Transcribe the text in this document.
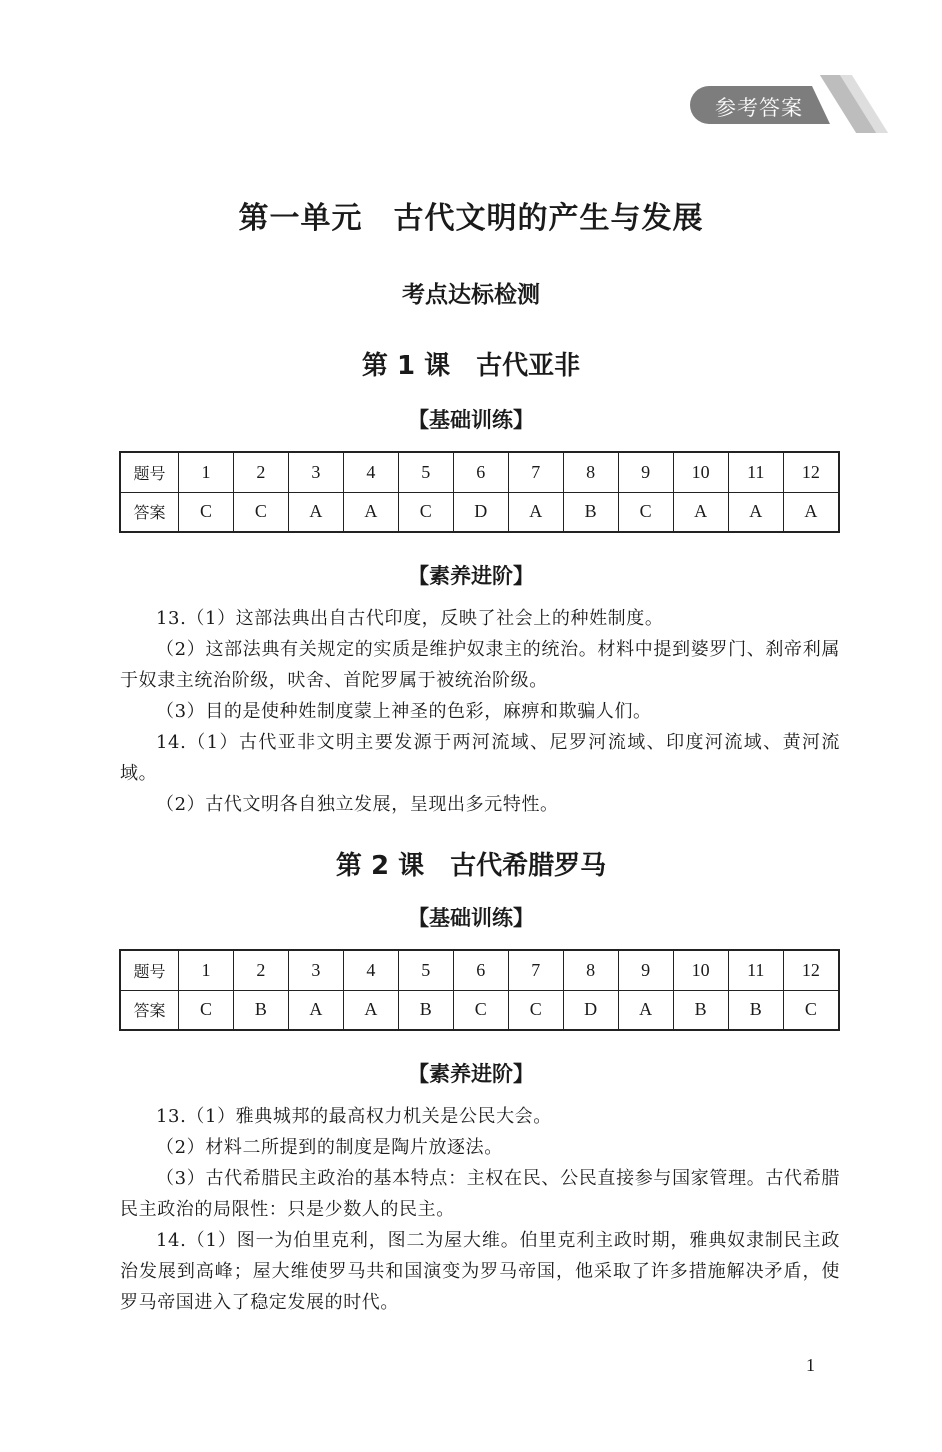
参考答案
第一单元　古代文明的产生与发展
考点达标检测
第 1 课　古代亚非
【基础训练】
题号	1	2	3	4	5	6	7	8	9	10	11	12
答案	C	C	A	A	C	D	A	B	C	A	A	A
【素养进阶】

13.（1）这部法典出自古代印度，反映了社会上的种姓制度。

（2）这部法典有关规定的实质是维护奴隶主的统治。材料中提到婆罗门、刹帝利属于奴隶主统治阶级，吠舍、首陀罗属于被统治阶级。

（3）目的是使种姓制度蒙上神圣的色彩，麻痹和欺骗人们。

14.（1）古代亚非文明主要发源于两河流域、尼罗河流域、印度河流域、黄河流域。

（2）古代文明各自独立发展，呈现出多元特性。

第 2 课　古代希腊罗马
【基础训练】
题号	1	2	3	4	5	6	7	8	9	10	11	12
答案	C	B	A	A	B	C	C	D	A	B	B	C
【素养进阶】

13.（1）雅典城邦的最高权力机关是公民大会。

（2）材料二所提到的制度是陶片放逐法。

（3）古代希腊民主政治的基本特点：主权在民、公民直接参与国家管理。古代希腊民主政治的局限性：只是少数人的民主。

14.（1）图一为伯里克利，图二为屋大维。伯里克利主政时期，雅典奴隶制民主政治发展到高峰；屋大维使罗马共和国演变为罗马帝国，他采取了许多措施解决矛盾，使罗马帝国进入了稳定发展的时代。

1
